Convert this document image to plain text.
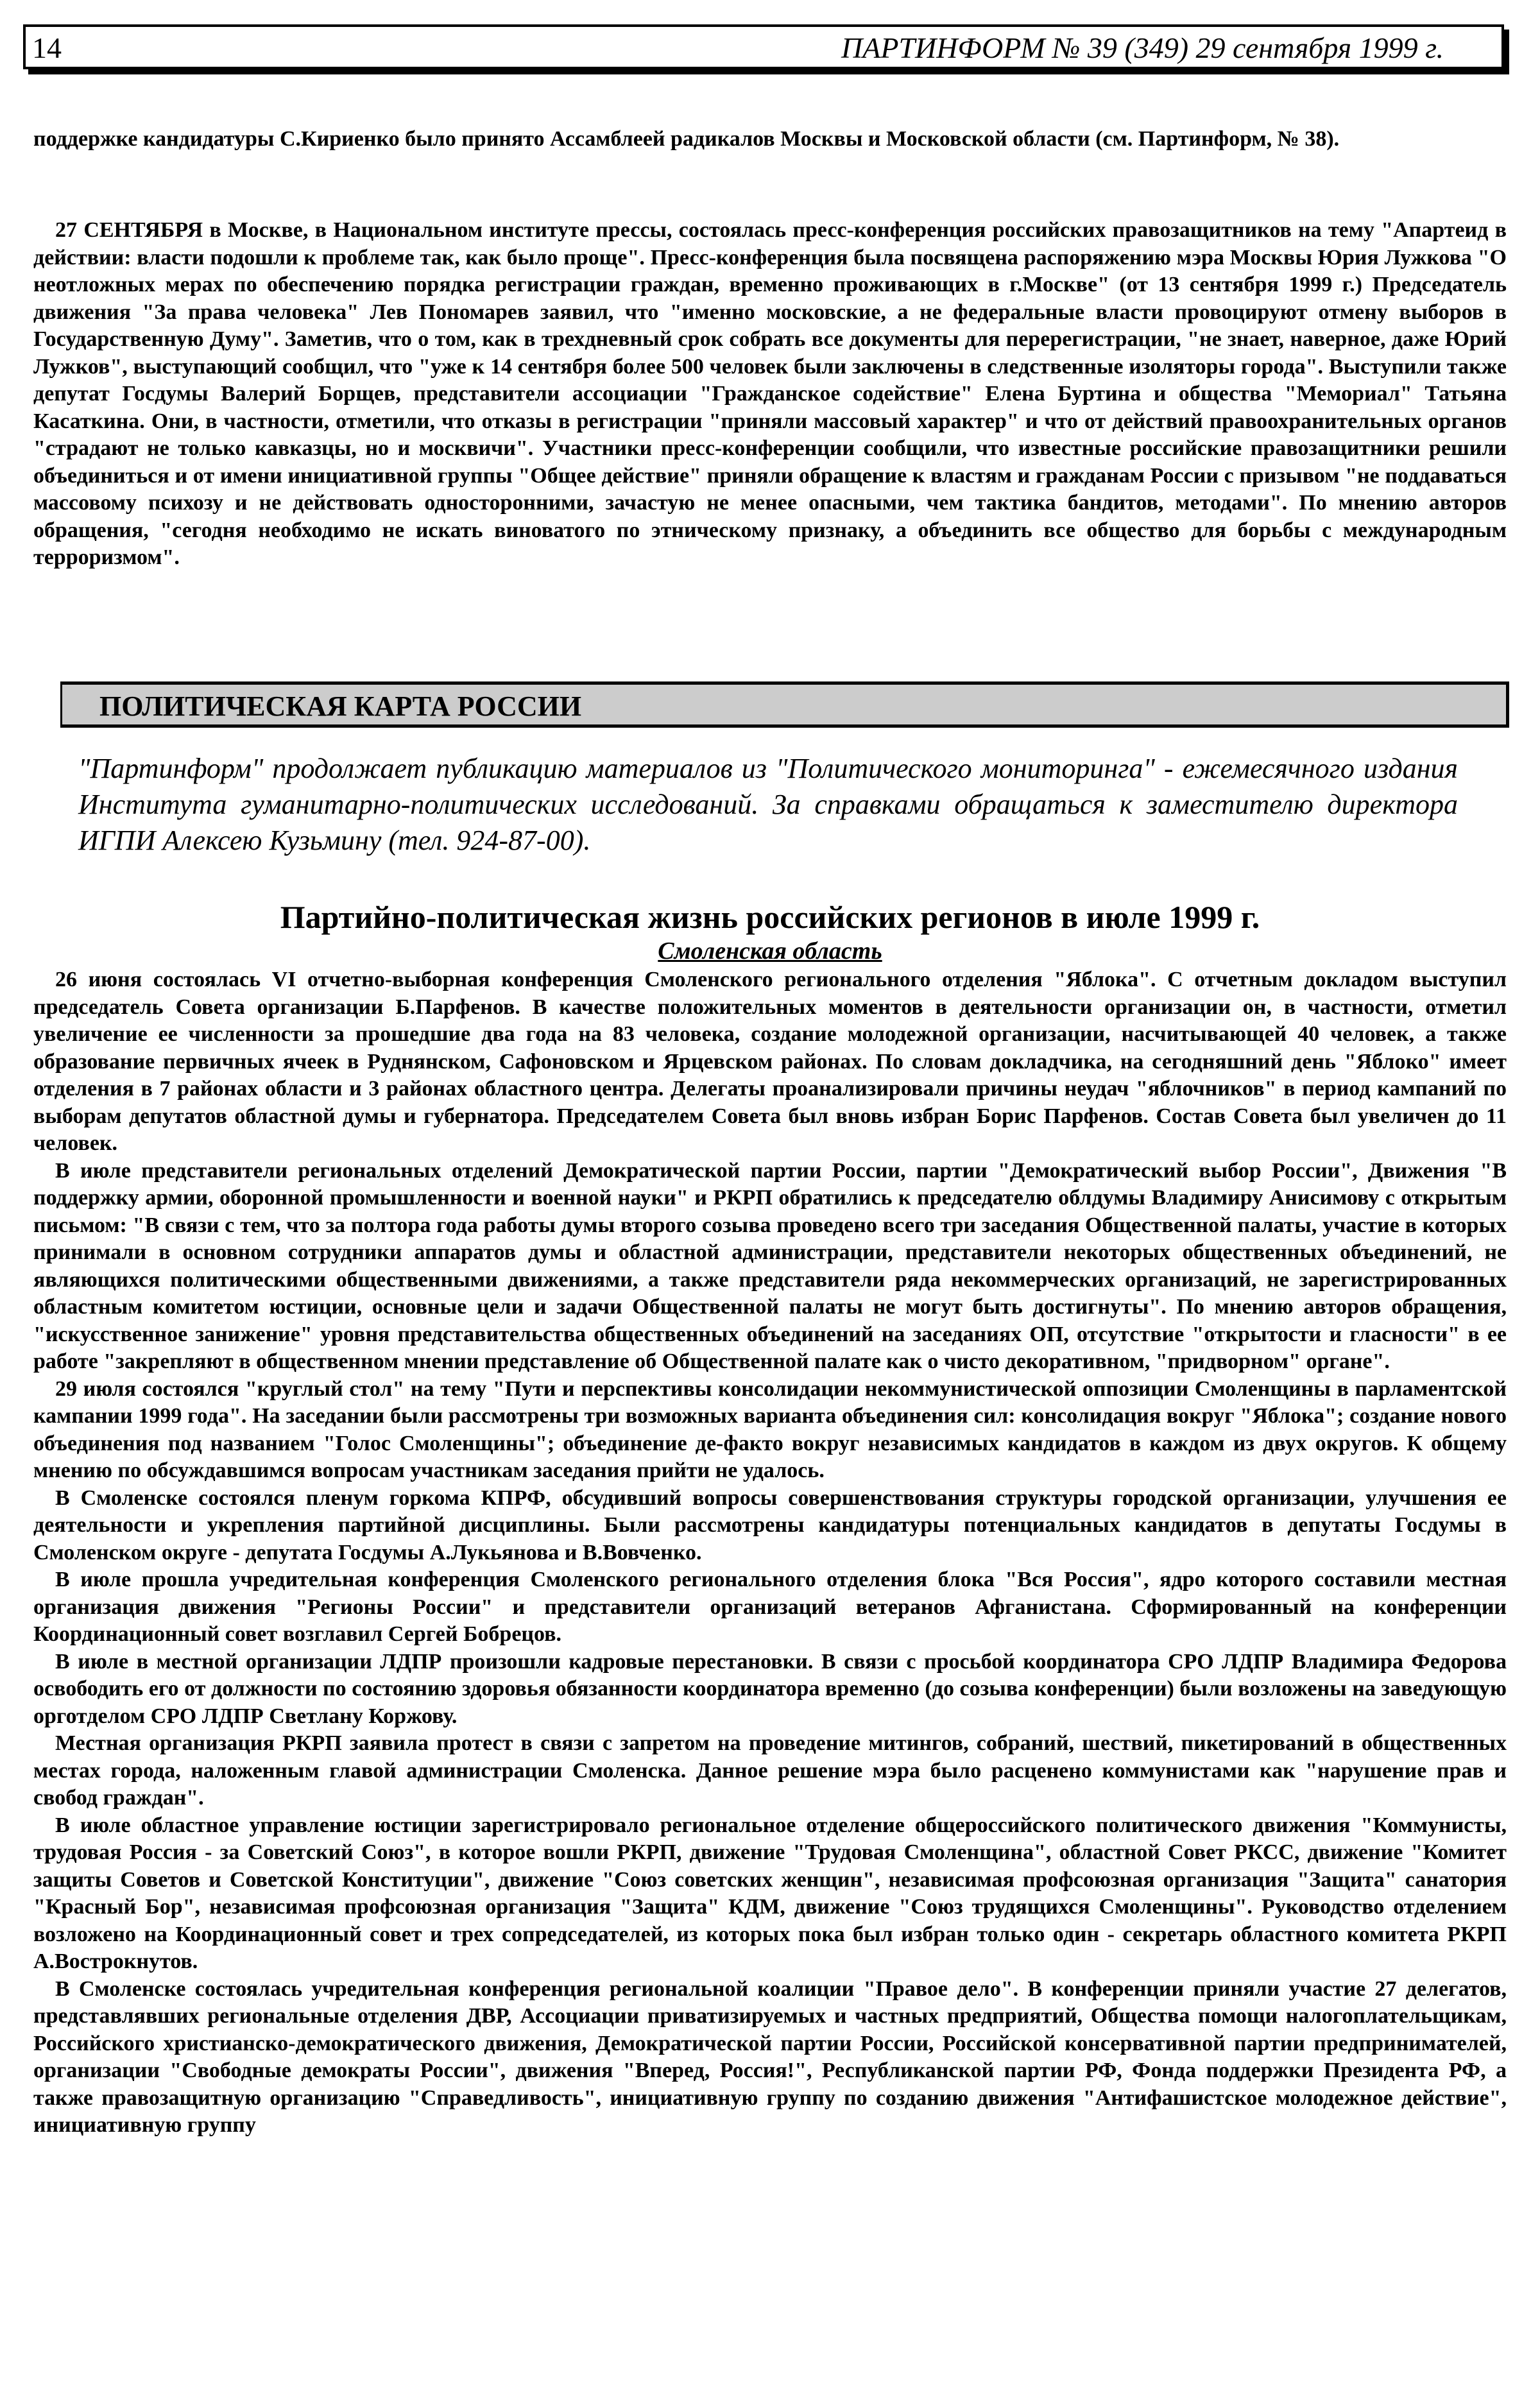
14	ПАРТИНФОРМ № 39 (349) 29 сентября 1999 г.

поддержке кандидатуры С.Кириенко было принято Ассамблеей радикалов Москвы и Московской области (см. Партинформ, № 38).

27 СЕНТЯБРЯ в Москве, в Национальном институте прессы, состоялась пресс-конференция российских правозащитников на тему "Апартеид в действии: власти подошли к проблеме так, как было проще". Пресс-конференция была посвящена распоряжению мэра Москвы Юрия Лужкова "О неотложных мерах по обеспечению порядка регистрации граждан, временно проживающих в г.Москве" (от 13 сентября 1999 г.) Председатель движения "За права человека" Лев Пономарев заявил, что "именно московские, а не федеральные власти провоцируют отмену выборов в Государственную Думу". Заметив, что о том, как в трехдневный срок собрать все документы для перерегистрации, "не знает, наверное, даже Юрий Лужков", выступающий сообщил, что "уже к 14 сентября более 500 человек были заключены в следственные изоляторы города". Выступили также депутат Госдумы Валерий Борщев, представители ассоциации "Гражданское содействие" Елена Буртина и общества "Мемориал" Татьяна Касаткина. Они, в частности, отметили, что отказы в регистрации "приняли массовый характер" и что от действий правоохранительных органов "страдают не только кавказцы, но и москвичи". Участники пресс-конференции сообщили, что известные российские правозащитники решили объединиться и от имени инициативной группы "Общее действие" приняли обращение к властям и гражданам России с призывом "не поддаваться массовому психозу и не действовать односторонними, зачастую не менее опасными, чем тактика бандитов, методами". По мнению авторов обращения, "сегодня необходимо не искать виноватого по этническому признаку, а объединить все общество для борьбы с международным терроризмом".

ПОЛИТИЧЕСКАЯ КАРТА РОССИИ
"Партинформ" продолжает публикацию материалов из "Политического мониторинга" - ежемесячного издания Института гуманитарно-политических исследований. За справками обращаться к заместителю директора ИГПИ Алексею Кузьмину (тел. 924-87-00).
Партийно-политическая жизнь российских регионов в июле 1999 г.
Смоленская область

26 июня состоялась VI отчетно-выборная конференция Смоленского регионального отделения "Яблока". С отчетным докладом выступил председатель Совета организации Б.Парфенов. В качестве положительных моментов в деятельности организации он, в частности, отметил увеличение ее численности за прошедшие два года на 83 человека, создание молодежной организации, насчитывающей 40 человек, а также образование первичных ячеек в Руднянском, Сафоновском и Ярцевском районах. По словам докладчика, на сегодняшний день "Яблоко" имеет отделения в 7 районах области и 3 районах областного центра. Делегаты проанализировали причины неудач "яблочников" в период кампаний по выборам депутатов областной думы и губернатора. Председателем Совета был вновь избран Борис Парфенов. Состав Совета был увеличен до 11 человек.

В июле представители региональных отделений Демократической партии России, партии "Демократический выбор России", Движения "В поддержку армии, оборонной промышленности и военной науки" и РКРП обратились к председателю облдумы Владимиру Анисимову с открытым письмом: "В связи с тем, что за полтора года работы думы второго созыва проведено всего три заседания Общественной палаты, участие в которых принимали в основном сотрудники аппаратов думы и областной администрации, представители некоторых общественных объединений, не являющихся политическими общественными движениями, а также представители ряда некоммерческих организаций, не зарегистрированных областным комитетом юстиции, основные цели и задачи Общественной палаты не могут быть достигнуты". По мнению авторов обращения, "искусственное занижение" уровня представительства общественных объединений на заседаниях ОП, отсутствие "открытости и гласности" в ее работе "закрепляют в общественном мнении представление об Общественной палате как о чисто декоративном, "придворном" органе".

29 июля состоялся "круглый стол" на тему "Пути и перспективы консолидации некоммунистической оппозиции Смоленщины в парламентской кампании 1999 года". На заседании были рассмотрены три возможных варианта объединения сил: консолидация вокруг "Яблока"; создание нового объединения под названием "Голос Смоленщины"; объединение де-факто вокруг независимых кандидатов в каждом из двух округов. К общему мнению по обсуждавшимся вопросам участникам заседания прийти не удалось.

В Смоленске состоялся пленум горкома КПРФ, обсудивший вопросы совершенствования структуры городской организации, улучшения ее деятельности и укрепления партийной дисциплины. Были рассмотрены кандидатуры потенциальных кандидатов в депутаты Госдумы в Смоленском округе - депутата Госдумы А.Лукьянова и В.Вовченко.

В июле прошла учредительная конференция Смоленского регионального отделения блока "Вся Россия", ядро которого составили местная организация движения "Регионы России" и представители организаций ветеранов Афганистана. Сформированный на конференции Координационный совет возглавил Сергей Бобрецов.

В июле в местной организации ЛДПР произошли кадровые перестановки. В связи с просьбой координатора СРО ЛДПР Владимира Федорова освободить его от должности по состоянию здоровья обязанности координатора временно (до созыва конференции) были возложены на заведующую орготделом СРО ЛДПР Светлану Коржову.

Местная организация РКРП заявила протест в связи с запретом на проведение митингов, собраний, шествий, пикетирований в общественных местах города, наложенным главой администрации Смоленска. Данное решение мэра было расценено коммунистами как "нарушение прав и свобод граждан".

В июле областное управление юстиции зарегистрировало региональное отделение общероссийского политического движения "Коммунисты, трудовая Россия - за Советский Союз", в которое вошли РКРП, движение "Трудовая Смоленщина", областной Совет РКСС, движение "Комитет защиты Советов и Советской Конституции", движение "Союз советских женщин", независимая профсоюзная организация "Защита" санатория "Красный Бор", независимая профсоюзная организация "Защита" КДМ, движение "Союз трудящихся Смоленщины". Руководство отделением возложено на Координационный совет и трех сопредседателей, из которых пока был избран только один - секретарь областного комитета РКРП А.Вострокнутов.

В Смоленске состоялась учредительная конференция региональной коалиции "Правое дело". В конференции приняли участие 27 делегатов, представлявших региональные отделения ДВР, Ассоциации приватизируемых и частных предприятий, Общества помощи налогоплательщикам, Российского христианско-демократического движения, Демократической партии России, Российской консервативной партии предпринимателей, организации "Свободные демократы России", движения "Вперед, Россия!", Республиканской партии РФ, Фонда поддержки Президента РФ, а также правозащитную организацию "Справедливость", инициативную группу по созданию движения "Антифашистское молодежное действие", инициативную группу
